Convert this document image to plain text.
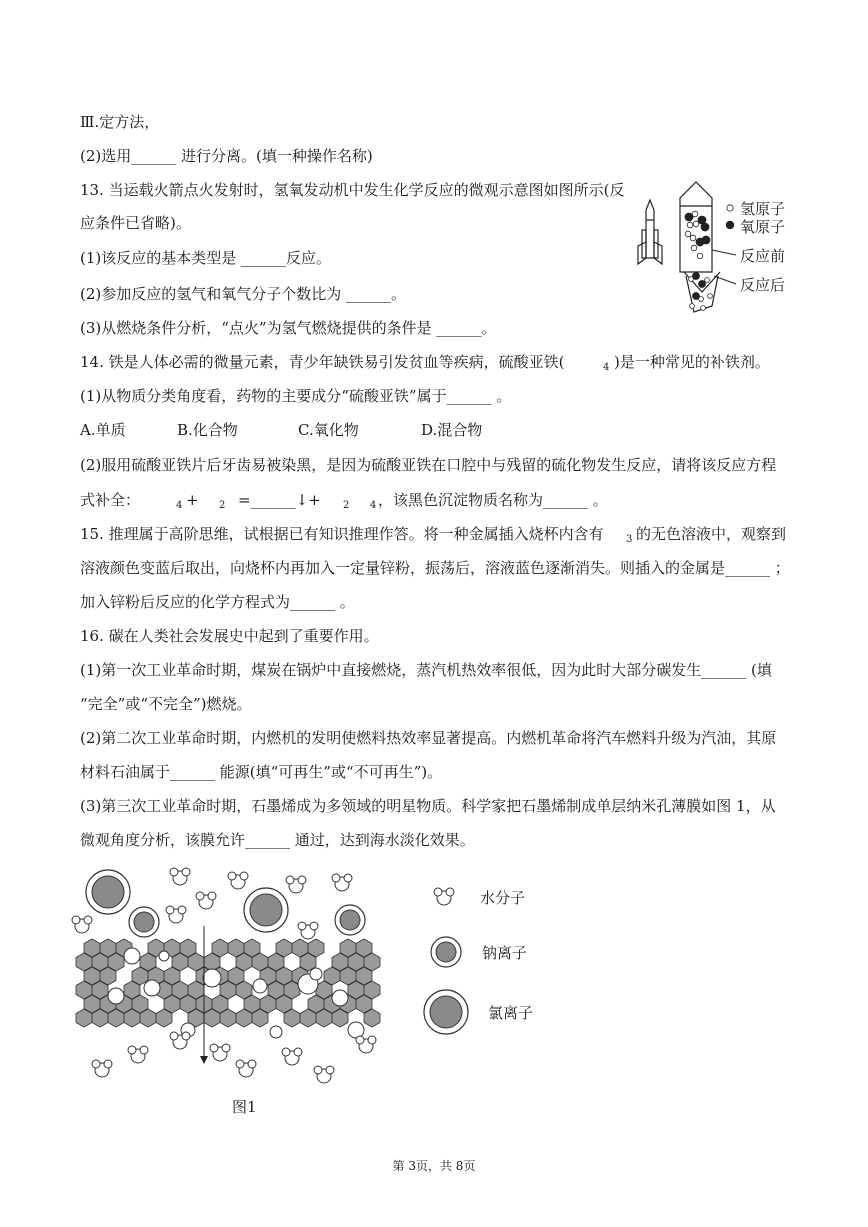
Ⅲ.定方法，
(2)选用______ 进行分离。(填一种操作名称)
13. 当运载火箭点火发射时，氢氧发动机中发生化学反应的微观示意图如图所示(反
应条件已省略)。
(1)该反应的基本类型是 ______反应。
(2)参加反应的氢气和氧气分子个数比为 ______。
(3)从燃烧条件分析，“点火”为氢气燃烧提供的条件是 ______。
14. 铁是人体必需的微量元素，青少年缺铁易引发贫血等疾病，硫酸亚铁(	)是一种常见的补铁剂。
4
(1)从物质分类角度看，药物的主要成分“硫酸亚铁”属于______ 。
A.单质	B.化合物	C.氧化物	D.混合物
(2)服用硫酸亚铁片后牙齿易被染黑，是因为硫酸亚铁在口腔中与残留的硫化物发生反应，请将该反应方程
式补全：	4 + 2 =______↓+ 2 4 ，该黑色沉淀物质名称为______ 。
15. 推理属于高阶思维，试根据已有知识推理作答。将一种金属插入烧杯内含有 3 的无色溶液中，观察到
溶液颜色变蓝后取出，向烧杯内再加入一定量锌粉，振荡后，溶液蓝色逐渐消失。则插入的金属是______ ；
加入锌粉后反应的化学方程式为______ 。
16. 碳在人类社会发展史中起到了重要作用。
(1)第一次工业革命时期，煤炭在锅炉中直接燃烧，蒸汽机热效率很低，因为此时大部分碳发生______ (填
“完全”或“不完全”)燃烧。
(2)第二次工业革命时期，内燃机的发明使燃料热效率显著提高。内燃机革命将汽车燃料升级为汽油，其原
材料石油属于______ 能源(填“可再生”或“不可再生”)。
(3)第三次工业革命时期，石墨烯成为多领域的明星物质。科学家把石墨烯制成单层纳米孔薄膜如图 1，从
微观角度分析，该膜允许______ 通过，达到海水淡化效果。
氢原子
氧原子
反应前
反应后
水分子
钠离子
氯离子
图1
第 3页，共 8页
